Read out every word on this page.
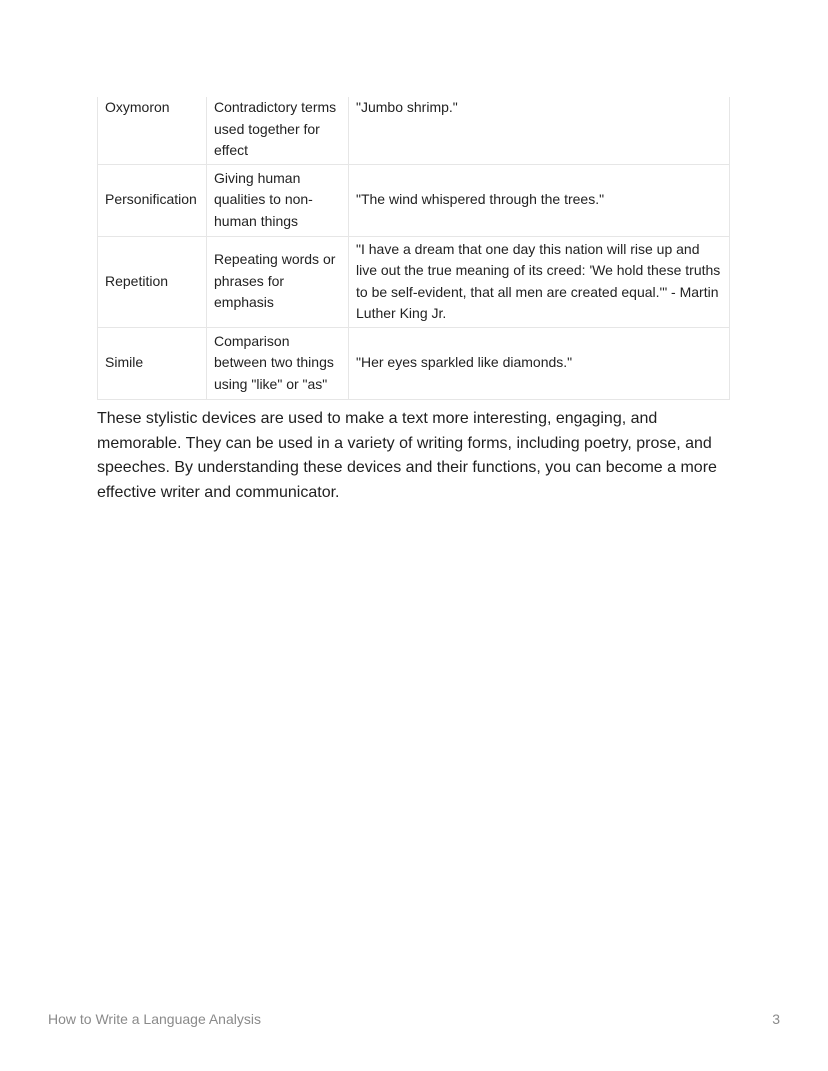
Oxymoron	Contradictory terms used together for effect	"Jumbo shrimp."
Personification	Giving human qualities to non-human things	"The wind whispered through the trees."
Repetition	Repeating words or phrases for emphasis	"I have a dream that one day this nation will rise up and live out the true meaning of its creed: 'We hold these truths to be self-evident, that all men are created equal.'" - Martin Luther King Jr.
Simile	Comparison between two things using "like" or "as"	"Her eyes sparkled like diamonds."

These stylistic devices are used to make a text more interesting, engaging, and memorable. They can be used in a variety of writing forms, including poetry, prose, and speeches. By understanding these devices and their functions, you can become a more effective writer and communicator.

How to Write a Language Analysis	3
